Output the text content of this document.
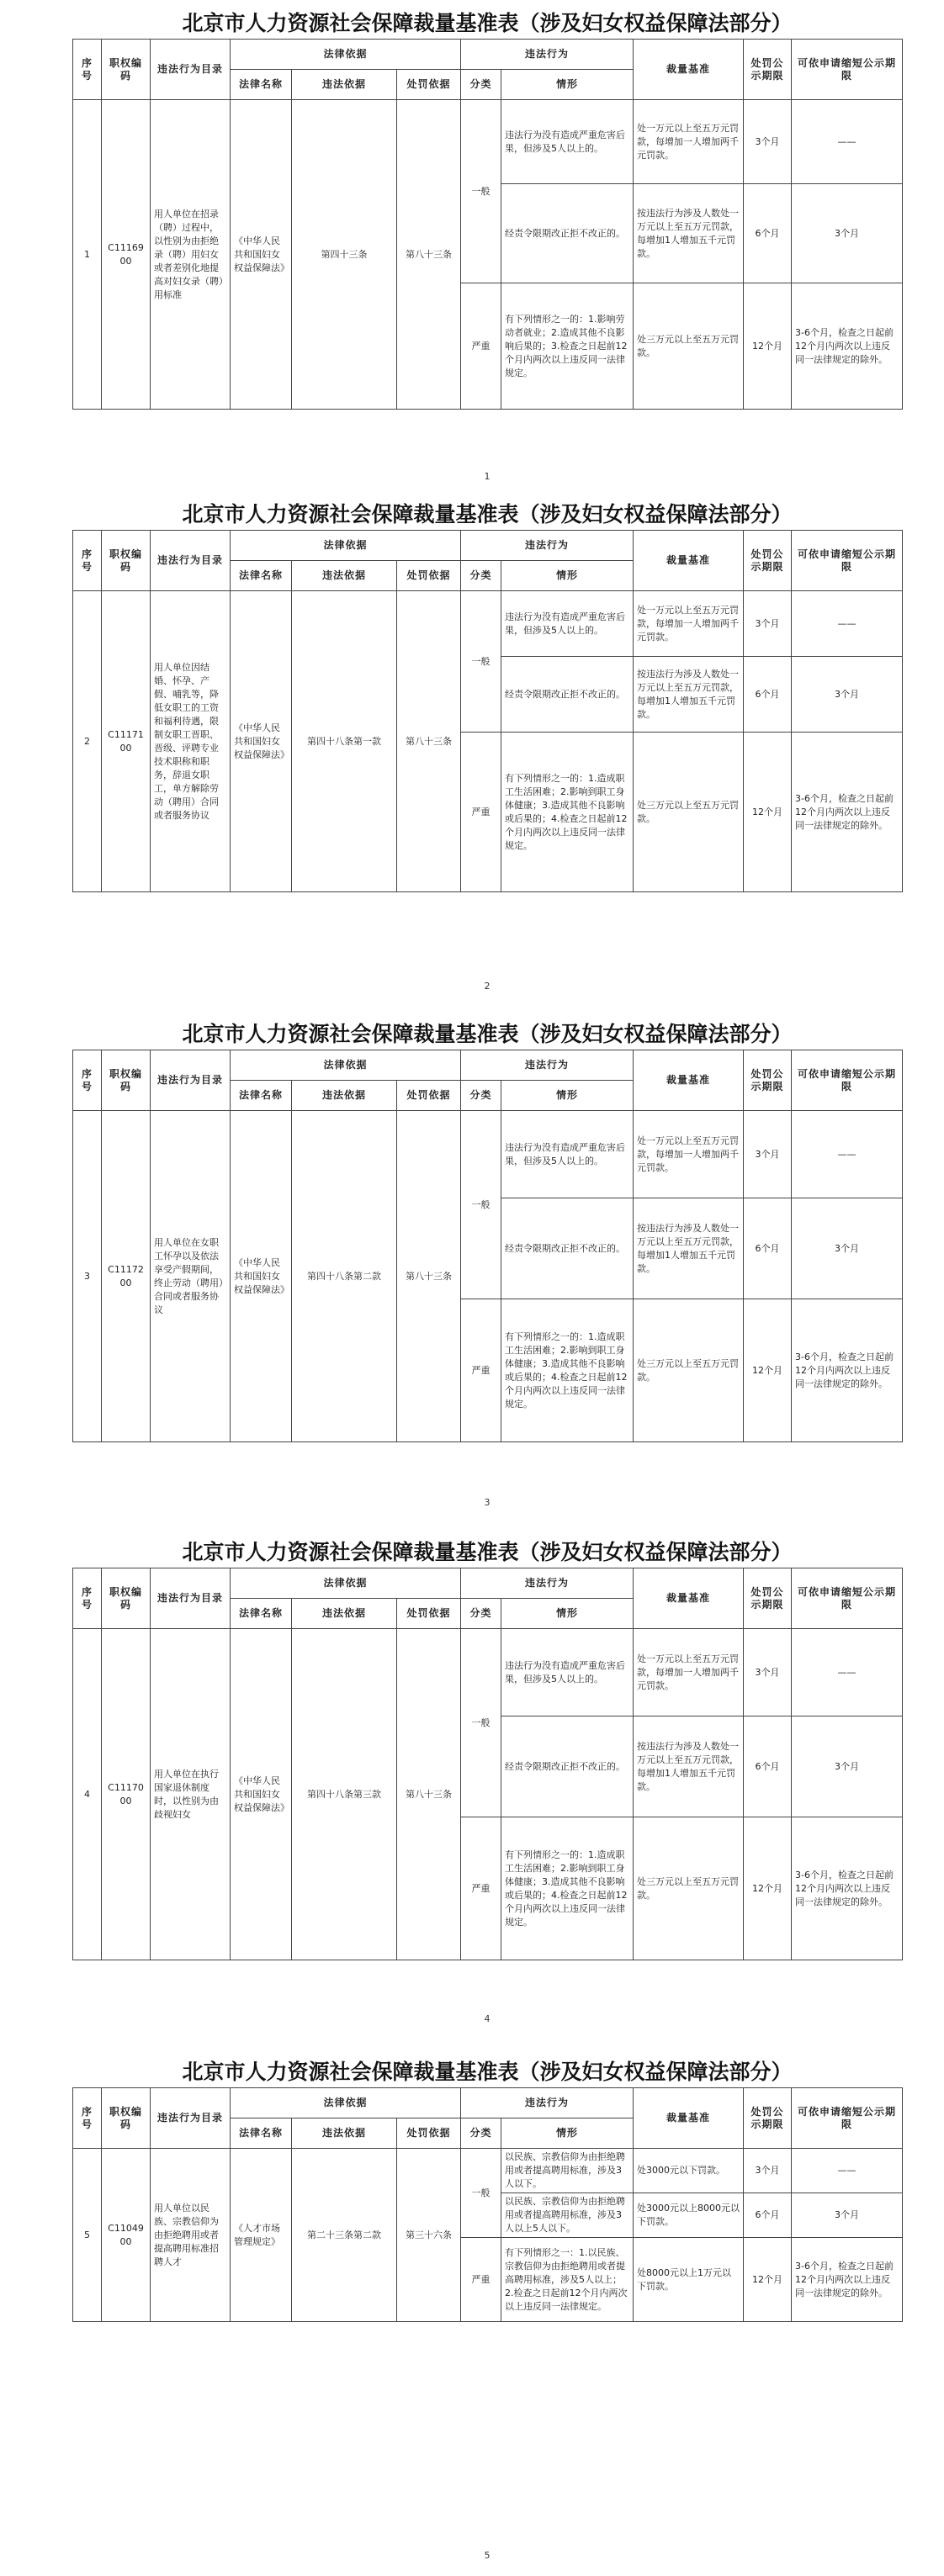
北京市人力资源社会保障裁量基准表（涉及妇女权益保障法部分）
序号	职权编码	违法行为目录	法律依据			违法行为		裁量基准	处罚公示期限	可依申请缩短公示期限
			法律名称	违法依据	处罚依据	分类	情形			
1	C1116900	用人单位在招录（聘）过程中，以性别为由拒绝录（聘）用妇女或者差别化地提高对妇女录（聘）用标准	《中华人民共和国妇女权益保障法》	第四十三条	第八十三条	一般	违法行为没有造成严重危害后果，但涉及5人以上的。	处一万元以上至五万元罚款，每增加一人增加两千元罚款。	3个月	——
							经责令限期改正拒不改正的。	按违法行为涉及人数处一万元以上至五万元罚款，每增加1人增加五千元罚款。	6个月	3个月
						严重	有下列情形之一的：1.影响劳动者就业；2.造成其他不良影响后果的；3.检查之日起前12个月内两次以上违反同一法律规定。	处三万元以上至五万元罚款。	12个月	3-6个月，检查之日起前12个月内两次以上违反同一法律规定的除外。
1
北京市人力资源社会保障裁量基准表（涉及妇女权益保障法部分）
序号	职权编码	违法行为目录	法律依据			违法行为		裁量基准	处罚公示期限	可依申请缩短公示期限
			法律名称	违法依据	处罚依据	分类	情形			
2	C1117100	用人单位因结婚、怀孕、产假、哺乳等，降低女职工的工资和福利待遇，限制女职工晋职、晋级、评聘专业技术职称和职务，辞退女职工，单方解除劳动（聘用）合同或者服务协议	《中华人民共和国妇女权益保障法》	第四十八条第一款	第八十三条	一般	违法行为没有造成严重危害后果，但涉及5人以上的。	处一万元以上至五万元罚款，每增加一人增加两千元罚款。	3个月	——
							经责令限期改正拒不改正的。	按违法行为涉及人数处一万元以上至五万元罚款，每增加1人增加五千元罚款。	6个月	3个月
						严重	有下列情形之一的：1.造成职工生活困难；2.影响到职工身体健康；3.造成其他不良影响或后果的；4.检查之日起前12个月内两次以上违反同一法律规定。	处三万元以上至五万元罚款。	12个月	3-6个月，检查之日起前12个月内两次以上违反同一法律规定的除外。
2
北京市人力资源社会保障裁量基准表（涉及妇女权益保障法部分）
序号	职权编码	违法行为目录	法律依据			违法行为		裁量基准	处罚公示期限	可依申请缩短公示期限
			法律名称	违法依据	处罚依据	分类	情形			
3	C1117200	用人单位在女职工怀孕以及依法享受产假期间，终止劳动（聘用）合同或者服务协议	《中华人民共和国妇女权益保障法》	第四十八条第二款	第八十三条	一般	违法行为没有造成严重危害后果，但涉及5人以上的。	处一万元以上至五万元罚款，每增加一人增加两千元罚款。	3个月	——
							经责令限期改正拒不改正的。	按违法行为涉及人数处一万元以上至五万元罚款，每增加1人增加五千元罚款。	6个月	3个月
						严重	有下列情形之一的：1.造成职工生活困难；2.影响到职工身体健康；3.造成其他不良影响或后果的；4.检查之日起前12个月内两次以上违反同一法律规定。	处三万元以上至五万元罚款。	12个月	3-6个月，检查之日起前12个月内两次以上违反同一法律规定的除外。
3
北京市人力资源社会保障裁量基准表（涉及妇女权益保障法部分）
序号	职权编码	违法行为目录	法律依据			违法行为		裁量基准	处罚公示期限	可依申请缩短公示期限
			法律名称	违法依据	处罚依据	分类	情形			
4	C1117000	用人单位在执行国家退休制度时，以性别为由歧视妇女	《中华人民共和国妇女权益保障法》	第四十八条第三款	第八十三条	一般	违法行为没有造成严重危害后果，但涉及5人以上的。	处一万元以上至五万元罚款，每增加一人增加两千元罚款。	3个月	——
							经责令限期改正拒不改正的。	按违法行为涉及人数处一万元以上至五万元罚款，每增加1人增加五千元罚款。	6个月	3个月
						严重	有下列情形之一的：1.造成职工生活困难；2.影响到职工身体健康；3.造成其他不良影响或后果的；4.检查之日起前12个月内两次以上违反同一法律规定。	处三万元以上至五万元罚款。	12个月	3-6个月，检查之日起前12个月内两次以上违反同一法律规定的除外。
4
北京市人力资源社会保障裁量基准表（涉及妇女权益保障法部分）
序号	职权编码	违法行为目录	法律依据			违法行为		裁量基准	处罚公示期限	可依申请缩短公示期限
			法律名称	违法依据	处罚依据	分类	情形			
5	C1104900	用人单位以民族、宗教信仰为由拒绝聘用或者提高聘用标准招聘人才	《人才市场管理规定》	第二十三条第二款	第三十六条	一般	以民族、宗教信仰为由拒绝聘用或者提高聘用标准，涉及3人以下。	处3000元以下罚款。	3个月	——
							以民族、宗教信仰为由拒绝聘用或者提高聘用标准，涉及3人以上5人以下。	处3000元以上8000元以下罚款。	6个月	3个月
						严重	有下列情形之一：1.以民族、宗教信仰为由拒绝聘用或者提高聘用标准，涉及5人以上；2.检查之日起前12个月内两次以上违反同一法律规定。	处8000元以上1万元以下罚款。	12个月	3-6个月，检查之日起前12个月内两次以上违反同一法律规定的除外。
5
